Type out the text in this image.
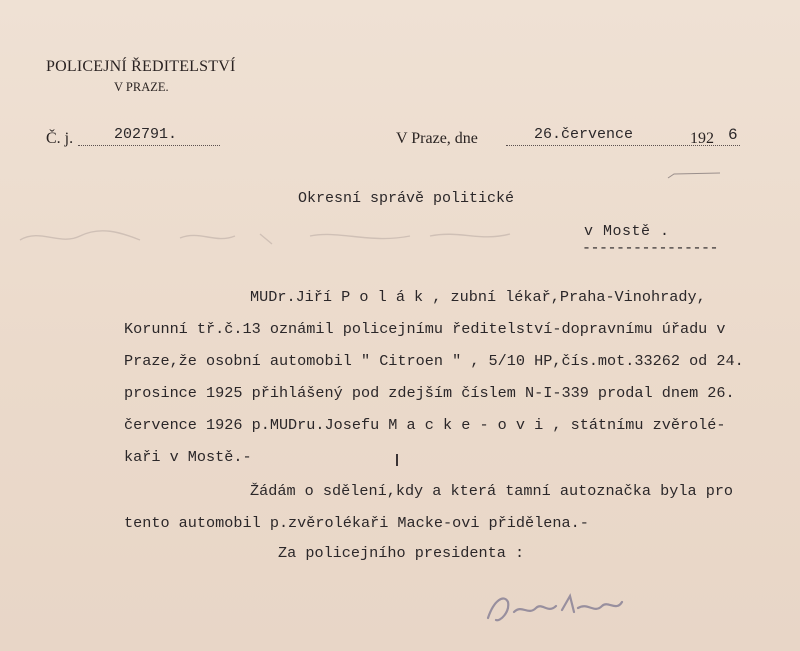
POLICEJNÍ ŘEDITELSTVÍ
V PRAZE.
Č. j.	202791.	V Praze, dne	26.července	192 6
Okresní správě politické
v Mostě .
----------------
MUDr.Jiří P o l á k , zubní lékař,Praha-Vinohrady,
Korunní tř.č.13 oznámil policejnímu ředitelství-dopravnímu úřadu v
Praze,že osobní automobil " Citroen " , 5/10 HP,čís.mot.33262 od 24.
prosince 1925 přihlášený pod zdejším číslem N-I-339 prodal dnem 26.
července 1926 p.MUDru.Josefu M a c k e - o v i , státnímu zvěrolé-
kaři v Mostě.-
Žádám o sdělení,kdy a která tamní autoznačka byla pro
tento automobil p.zvěrolékaři Macke-ovi přidělena.-
Za policejního presidenta :
